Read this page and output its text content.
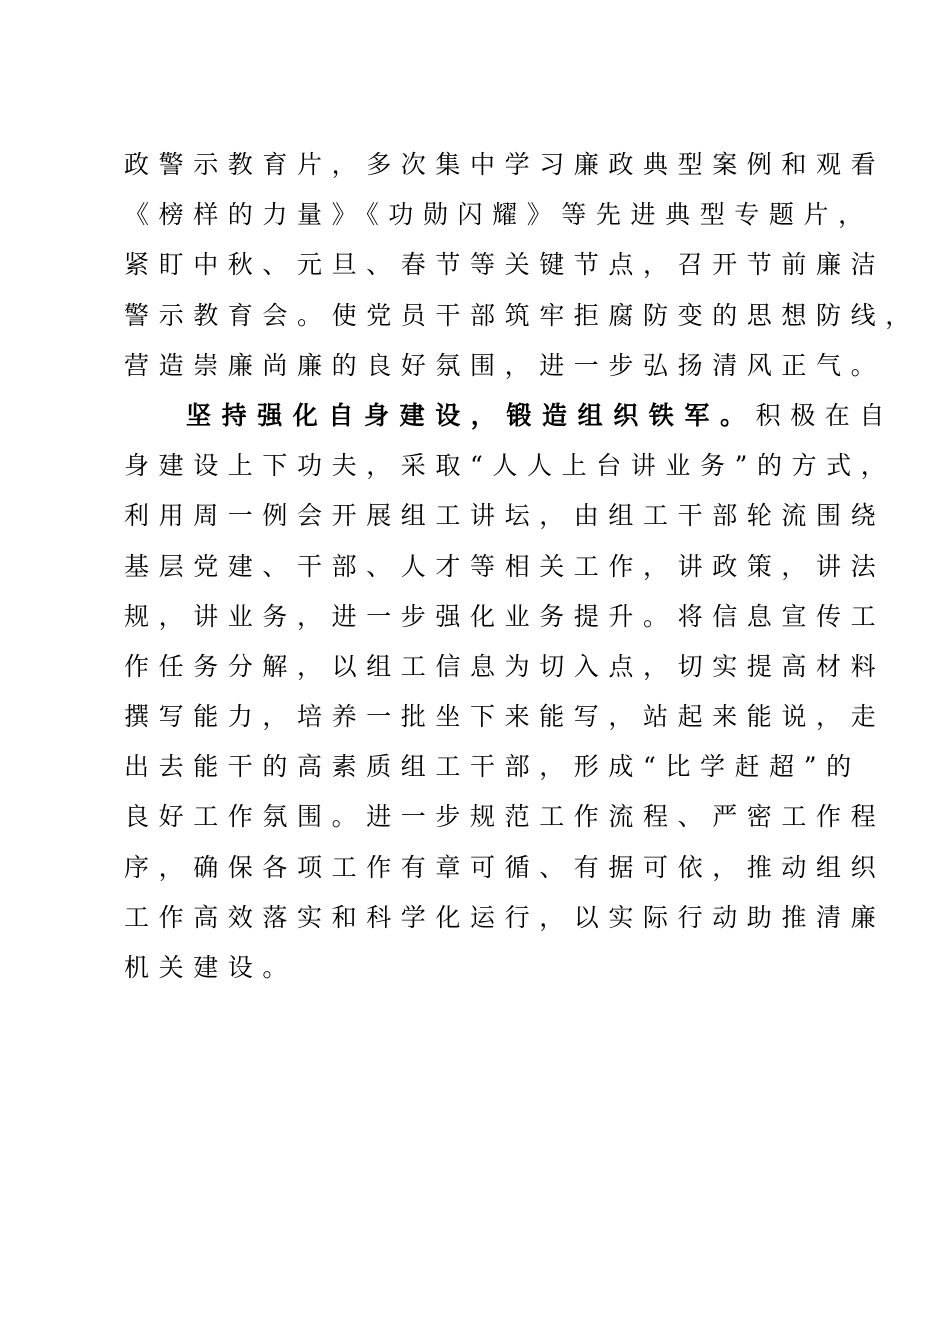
政警示教育片，多次集中学习廉政典型案例和观看
《榜样的力量》《功勋闪耀》等先进典型专题片，
紧盯中秋、元旦、春节等关键节点，召开节前廉洁
警示教育会。使党员干部筑牢拒腐防变的思想防线，
营造崇廉尚廉的良好氛围，进一步弘扬清风正气。
坚持强化自身建设，锻造组织铁军。积极在自
身建设上下功夫，采取“人人上台讲业务”的方式，
利用周一例会开展组工讲坛，由组工干部轮流围绕
基层党建、干部、人才等相关工作，讲政策，讲法
规，讲业务，进一步强化业务提升。将信息宣传工
作任务分解，以组工信息为切入点，切实提高材料
撰写能力，培养一批坐下来能写，站起来能说，走
出去能干的高素质组工干部，形成“比学赶超”的
良好工作氛围。进一步规范工作流程、严密工作程
序，确保各项工作有章可循、有据可依，推动组织
工作高效落实和科学化运行，以实际行动助推清廉
机关建设。
